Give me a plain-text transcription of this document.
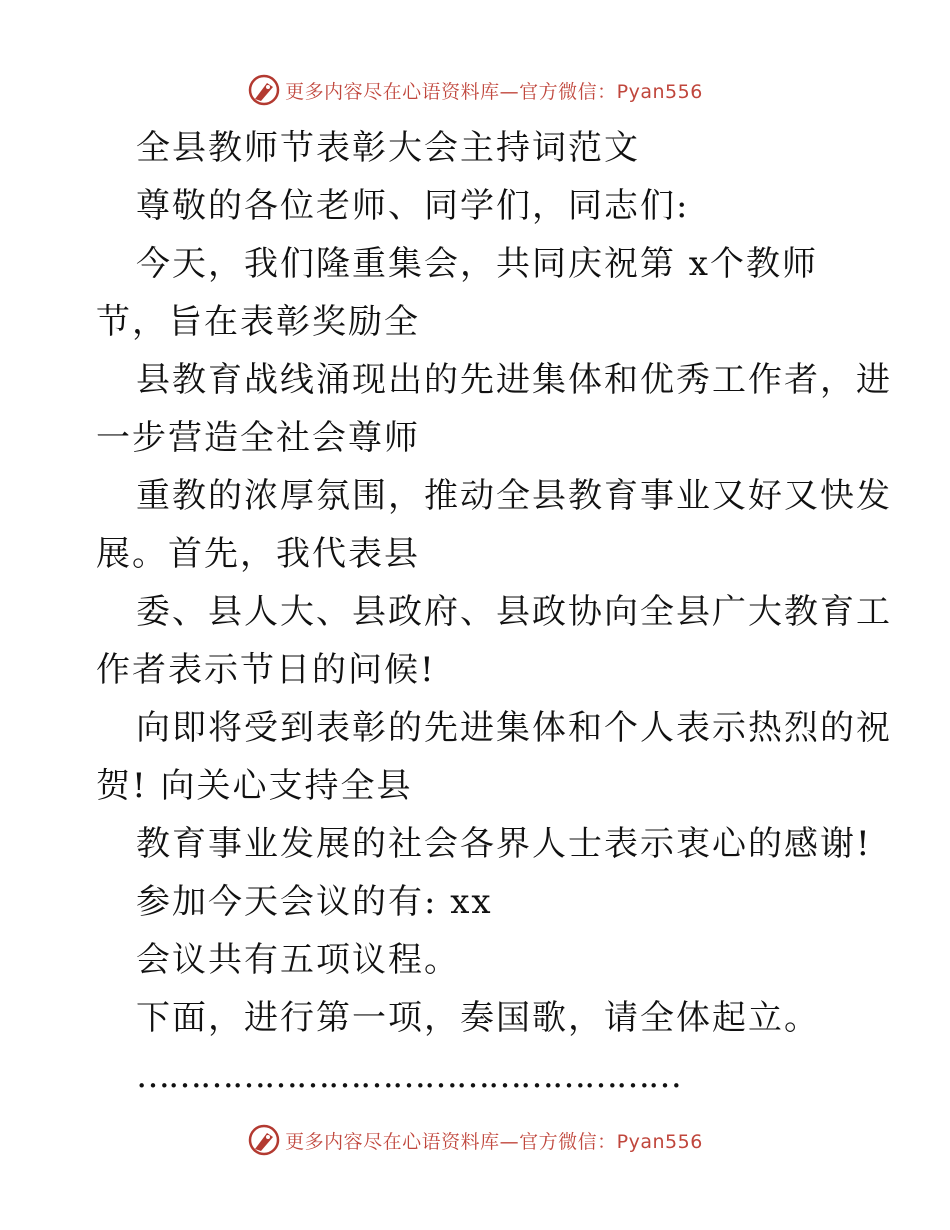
更多内容尽在心语资料库—官方微信：Pyan556
全县教师节表彰大会主持词范文
尊敬的各位老师、同学们，同志们:
今天，我们隆重集会，共同庆祝第 x个教师
节，旨在表彰奖励全
县教育战线涌现出的先进集体和优秀工作者，进
一步营造全社会尊师
重教的浓厚氛围，推动全县教育事业又好又快发
展。首先，我代表县
委、县人大、县政府、县政协向全县广大教育工
作者表示节日的问候!
向即将受到表彰的先进集体和个人表示热烈的祝
贺! 向关心支持全县
教育事业发展的社会各界人士表示衷心的感谢!
参加今天会议的有: xx
会议共有五项议程。
下面，进行第一项，奏国歌，请全体起立。
……………………………………………
更多内容尽在心语资料库—官方微信：Pyan556
